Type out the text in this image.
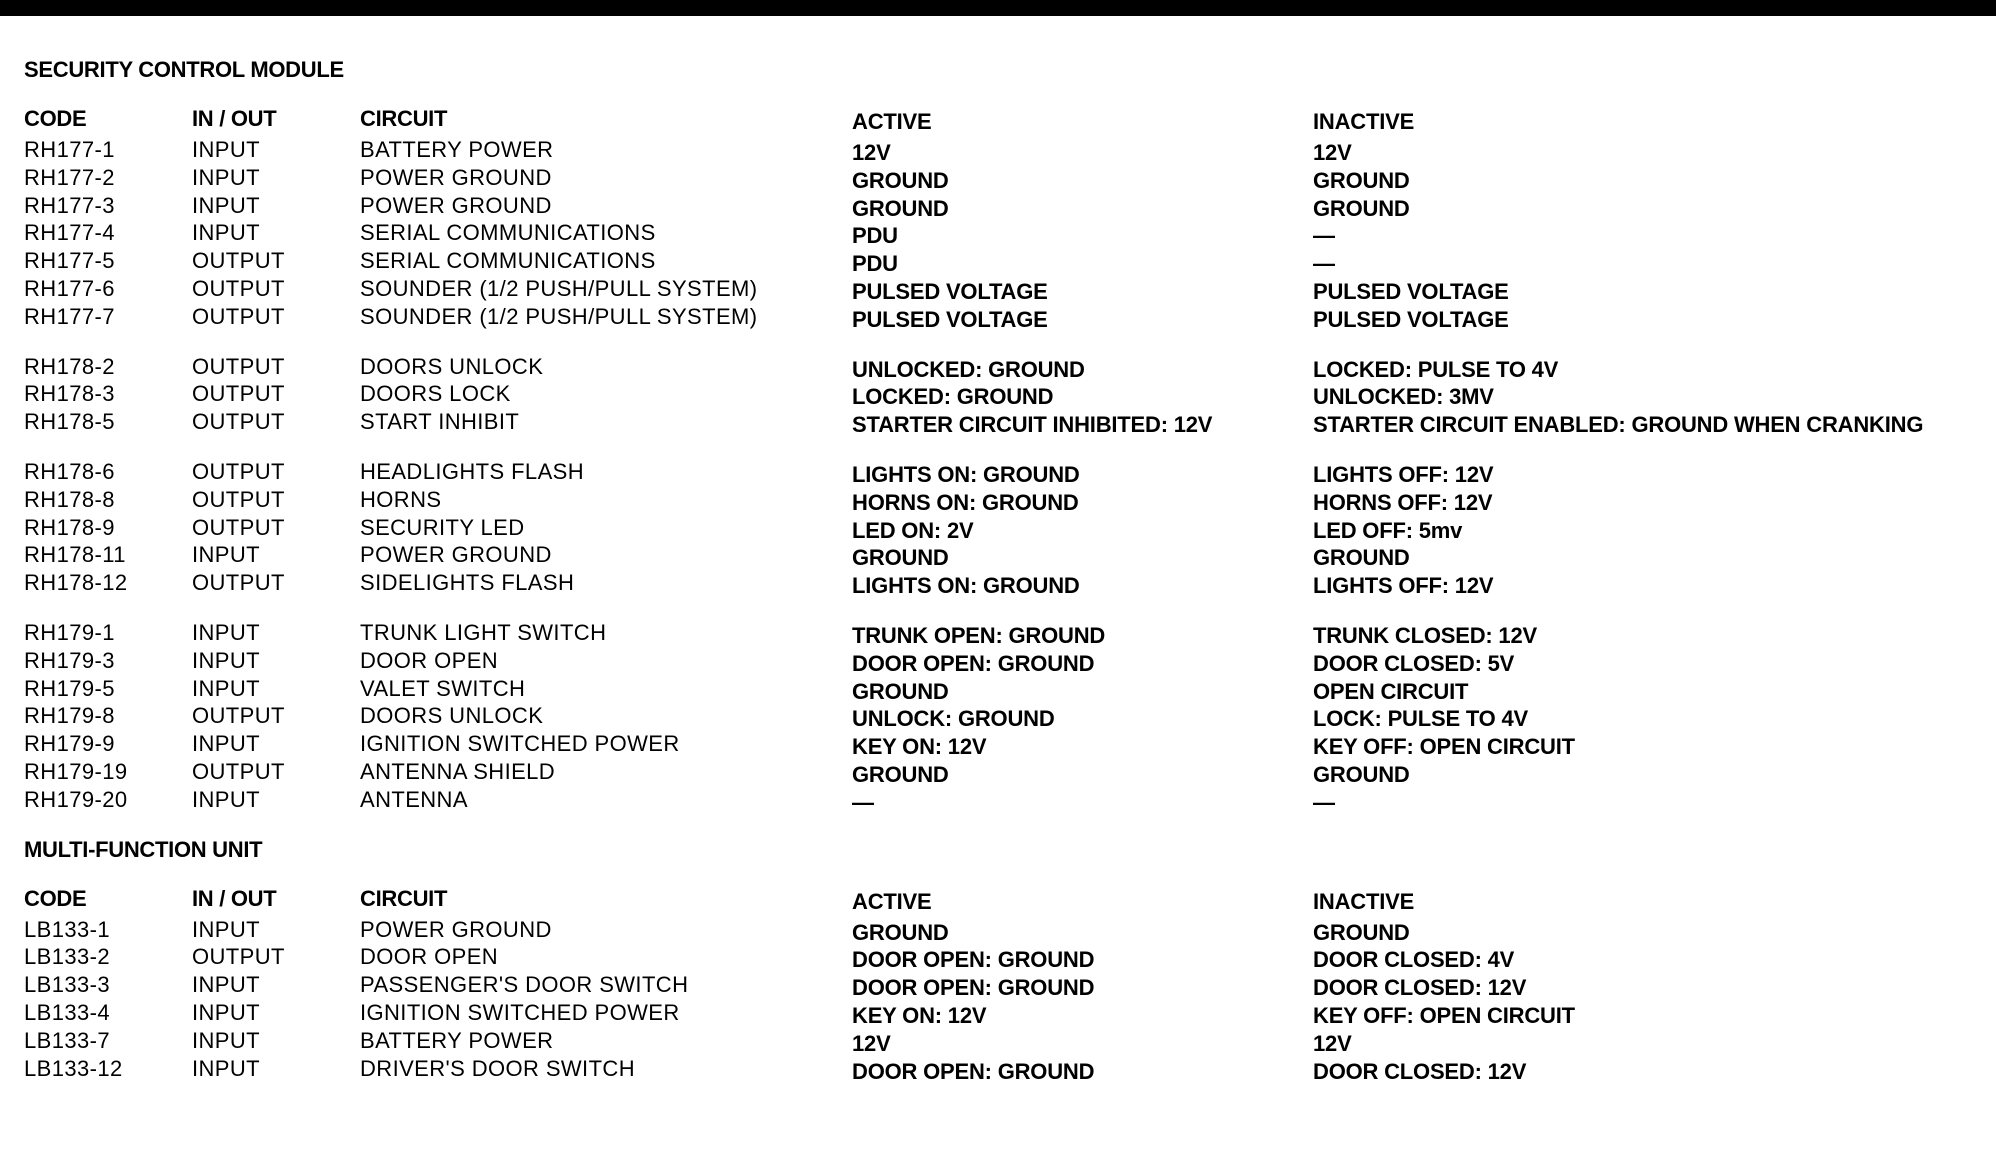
SECURITY CONTROL MODULE
CODE	IN / OUT	CIRCUIT	ACTIVE	INACTIVE
RH177-1	INPUT	BATTERY POWER	12V	12V
RH177-2	INPUT	POWER GROUND	GROUND	GROUND
RH177-3	INPUT	POWER GROUND	GROUND	GROUND
RH177-4	INPUT	SERIAL COMMUNICATIONS	PDU	—
RH177-5	OUTPUT	SERIAL COMMUNICATIONS	PDU	—
RH177-6	OUTPUT	SOUNDER (1/2 PUSH/PULL SYSTEM)	PULSED VOLTAGE	PULSED VOLTAGE
RH177-7	OUTPUT	SOUNDER (1/2 PUSH/PULL SYSTEM)	PULSED VOLTAGE	PULSED VOLTAGE
RH178-2	OUTPUT	DOORS UNLOCK	UNLOCKED: GROUND	LOCKED: PULSE TO 4V
RH178-3	OUTPUT	DOORS LOCK	LOCKED: GROUND	UNLOCKED: 3MV
RH178-5	OUTPUT	START INHIBIT	STARTER CIRCUIT INHIBITED: 12V	STARTER CIRCUIT ENABLED: GROUND WHEN CRANKING
RH178-6	OUTPUT	HEADLIGHTS FLASH	LIGHTS ON: GROUND	LIGHTS OFF: 12V
RH178-8	OUTPUT	HORNS	HORNS ON: GROUND	HORNS OFF: 12V
RH178-9	OUTPUT	SECURITY LED	LED ON: 2V	LED OFF: 5mv
RH178-11	INPUT	POWER GROUND	GROUND	GROUND
RH178-12	OUTPUT	SIDELIGHTS FLASH	LIGHTS ON: GROUND	LIGHTS OFF: 12V
RH179-1	INPUT	TRUNK LIGHT SWITCH	TRUNK OPEN: GROUND	TRUNK CLOSED: 12V
RH179-3	INPUT	DOOR OPEN	DOOR OPEN: GROUND	DOOR CLOSED: 5V
RH179-5	INPUT	VALET SWITCH	GROUND	OPEN CIRCUIT
RH179-8	OUTPUT	DOORS UNLOCK	UNLOCK: GROUND	LOCK: PULSE TO 4V
RH179-9	INPUT	IGNITION SWITCHED POWER	KEY ON: 12V	KEY OFF: OPEN CIRCUIT
RH179-19	OUTPUT	ANTENNA SHIELD	GROUND	GROUND
RH179-20	INPUT	ANTENNA	—	—
MULTI-FUNCTION UNIT
CODE	IN / OUT	CIRCUIT	ACTIVE	INACTIVE
LB133-1	INPUT	POWER GROUND	GROUND	GROUND
LB133-2	OUTPUT	DOOR OPEN	DOOR OPEN: GROUND	DOOR CLOSED: 4V
LB133-3	INPUT	PASSENGER'S DOOR SWITCH	DOOR OPEN: GROUND	DOOR CLOSED: 12V
LB133-4	INPUT	IGNITION SWITCHED POWER	KEY ON: 12V	KEY OFF: OPEN CIRCUIT
LB133-7	INPUT	BATTERY POWER	12V	12V
LB133-12	INPUT	DRIVER'S DOOR SWITCH	DOOR OPEN: GROUND	DOOR CLOSED: 12V
